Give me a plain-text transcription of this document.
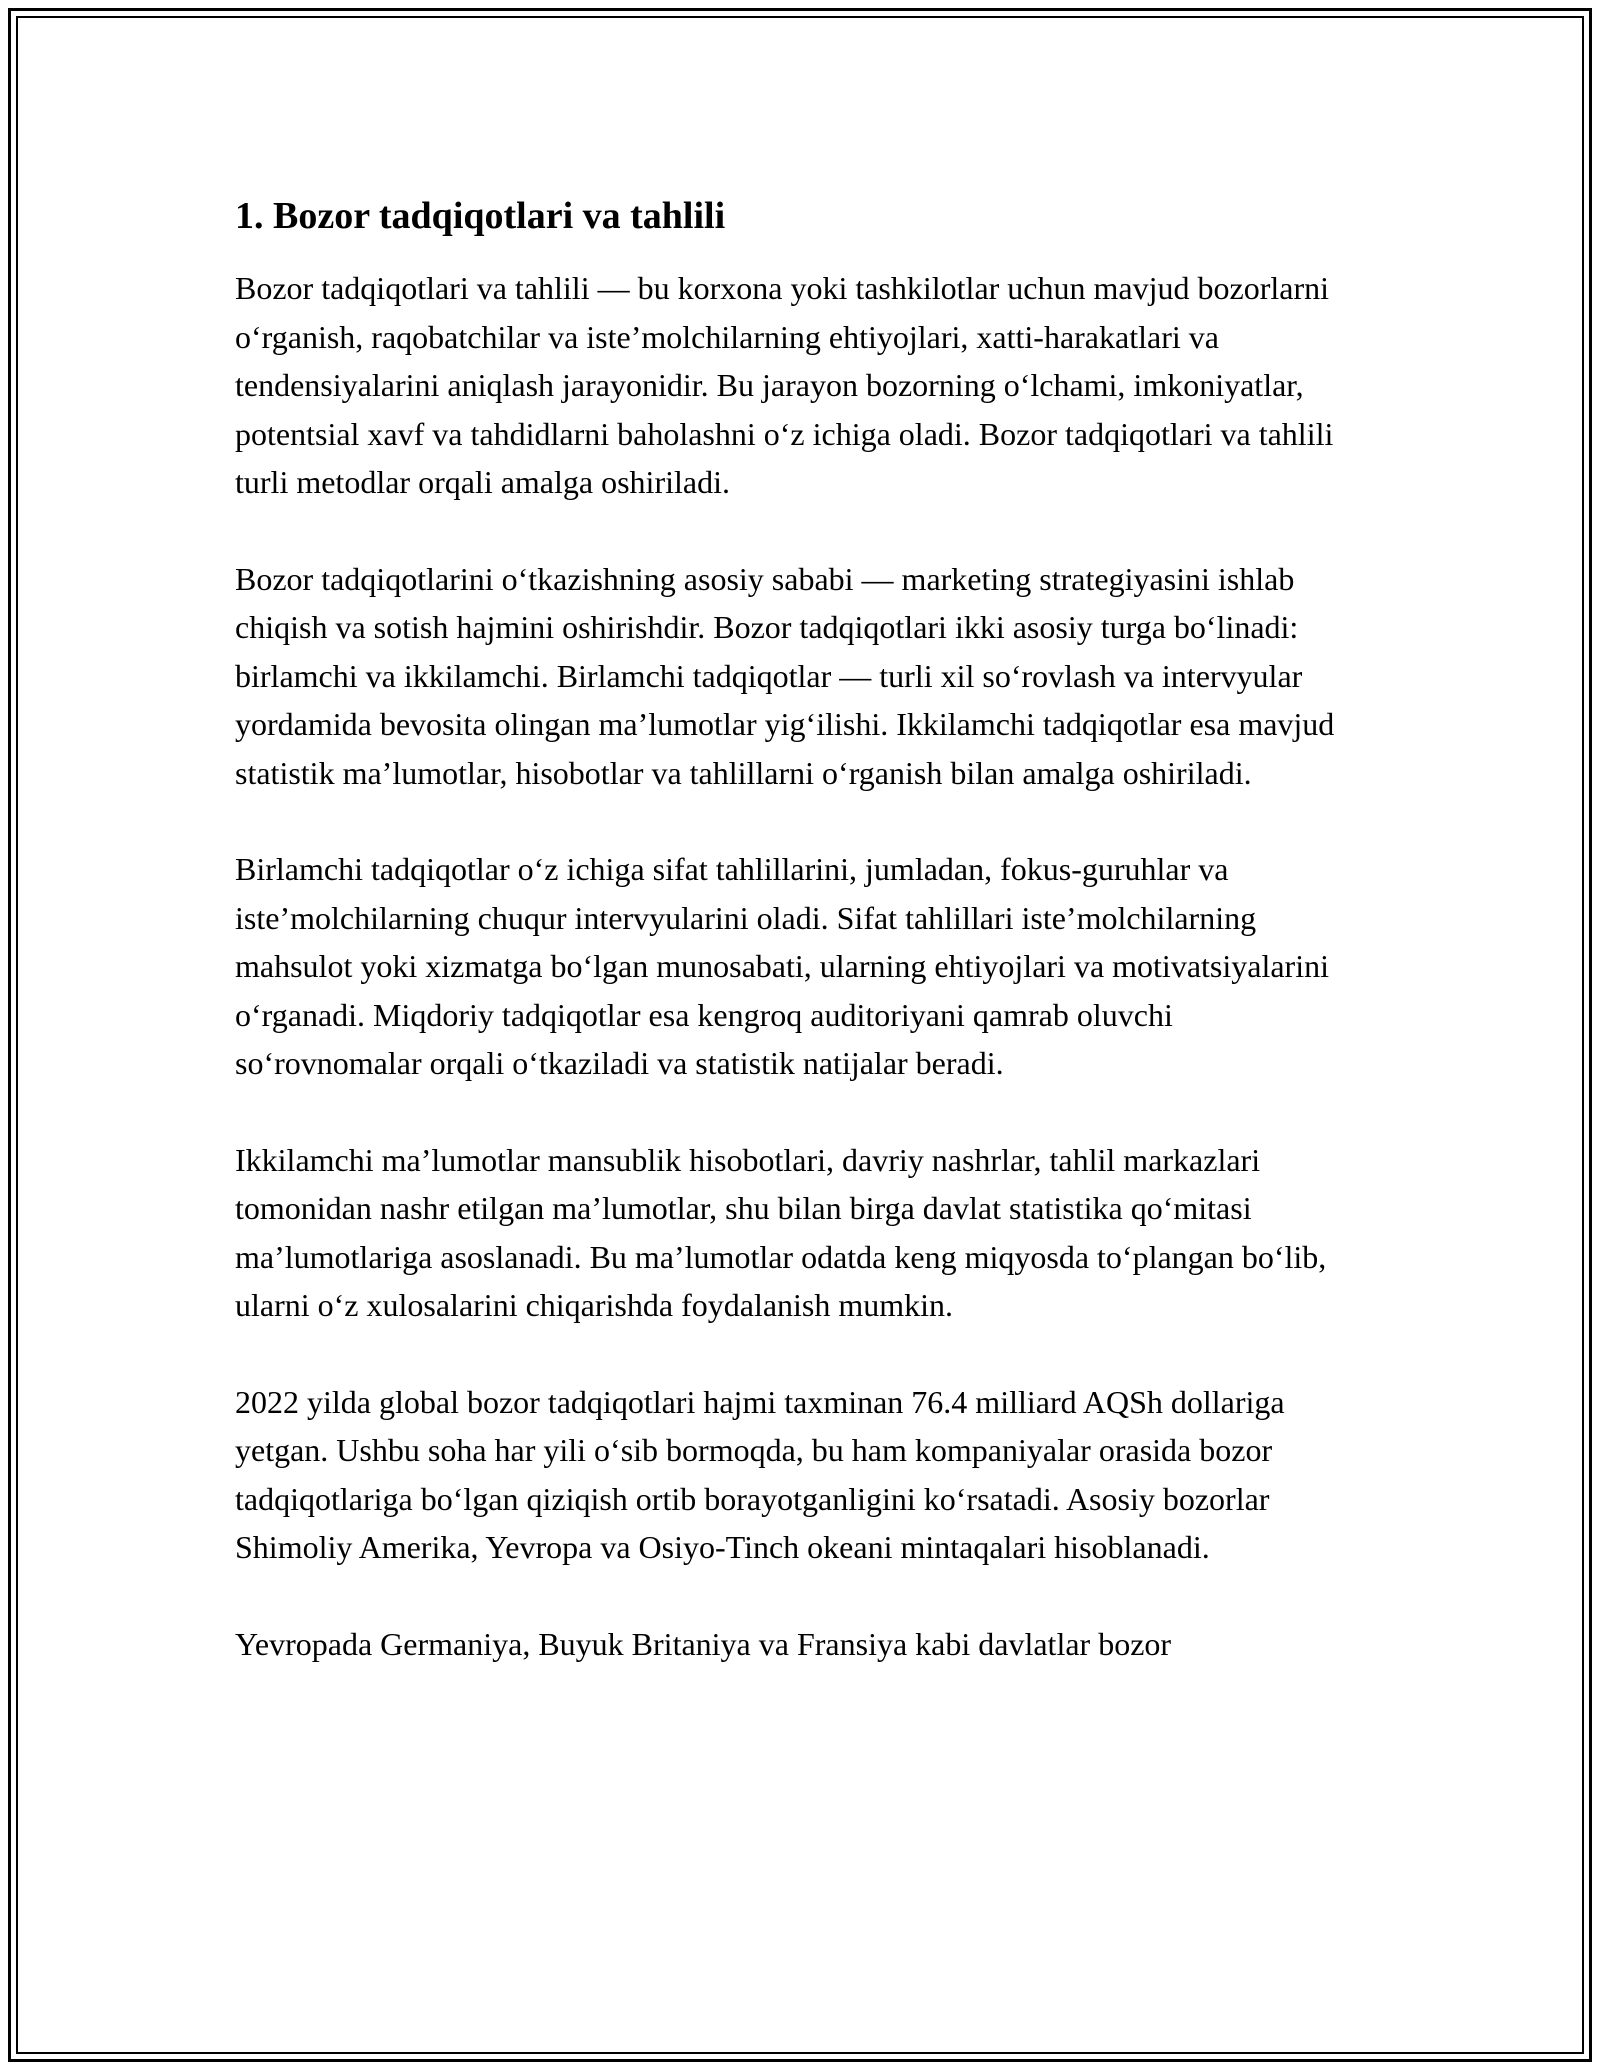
1. Bozor tadqiqotlari va tahlili

Bozor tadqiqotlari va tahlili — bu korxona yoki tashkilotlar uchun mavjud bozorlarni o‘rganish, raqobatchilar va iste’molchilarning ehtiyojlari, xatti-harakatlari va tendensiyalarini aniqlash jarayonidir. Bu jarayon bozorning o‘lchami, imkoniyatlar, potentsial xavf va tahdidlarni baholashni o‘z ichiga oladi. Bozor tadqiqotlari va tahlili turli metodlar orqali amalga oshiriladi.

Bozor tadqiqotlarini o‘tkazishning asosiy sababi — marketing strategiyasini ishlab chiqish va sotish hajmini oshirishdir. Bozor tadqiqotlari ikki asosiy turga bo‘linadi: birlamchi va ikkilamchi. Birlamchi tadqiqotlar — turli xil so‘rovlash va intervyular yordamida bevosita olingan ma’lumotlar yig‘ilishi. Ikkilamchi tadqiqotlar esa mavjud statistik ma’lumotlar, hisobotlar va tahlillarni o‘rganish bilan amalga oshiriladi.

Birlamchi tadqiqotlar o‘z ichiga sifat tahlillarini, jumladan, fokus-guruhlar va iste’molchilarning chuqur intervyularini oladi. Sifat tahlillari iste’molchilarning mahsulot yoki xizmatga bo‘lgan munosabati, ularning ehtiyojlari va motivatsiyalarini o‘rganadi. Miqdoriy tadqiqotlar esa kengroq auditoriyani qamrab oluvchi so‘rovnomalar orqali o‘tkaziladi va statistik natijalar beradi.

Ikkilamchi ma’lumotlar mansublik hisobotlari, davriy nashrlar, tahlil markazlari tomonidan nashr etilgan ma’lumotlar, shu bilan birga davlat statistika qo‘mitasi ma’lumotlariga asoslanadi. Bu ma’lumotlar odatda keng miqyosda to‘plangan bo‘lib, ularni o‘z xulosalarini chiqarishda foydalanish mumkin.

2022 yilda global bozor tadqiqotlari hajmi taxminan 76.4 milliard AQSh dollariga yetgan. Ushbu soha har yili o‘sib bormoqda, bu ham kompaniyalar orasida bozor tadqiqotlariga bo‘lgan qiziqish ortib borayotganligini ko‘rsatadi. Asosiy bozorlar Shimoliy Amerika, Yevropa va Osiyo-Tinch okeani mintaqalari hisoblanadi.

Yevropada Germaniya, Buyuk Britaniya va Fransiya kabi davlatlar bozor
